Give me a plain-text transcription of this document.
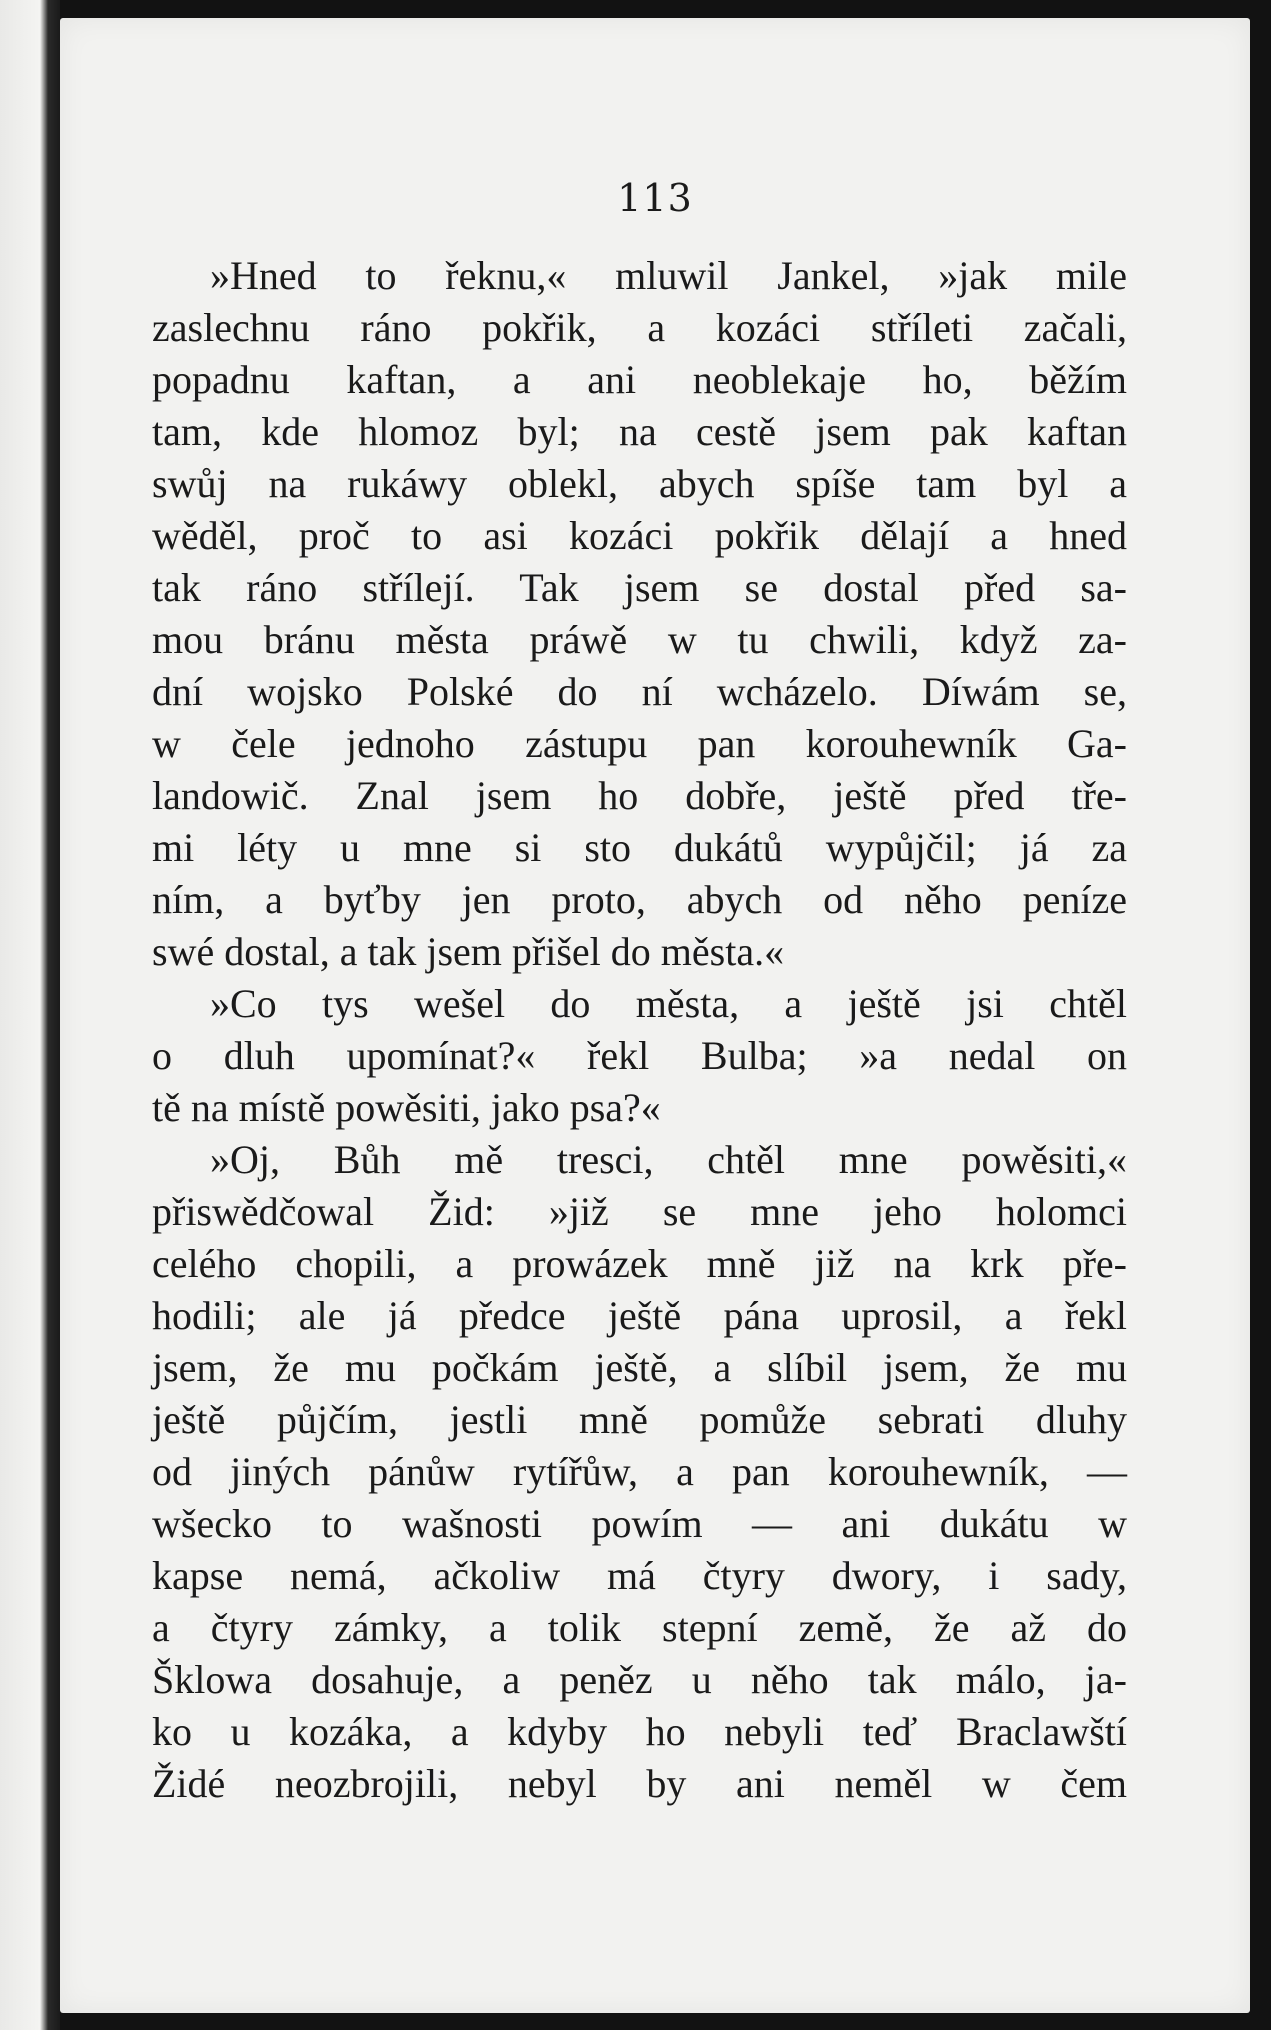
113
»Hned to řeknu,« mluwil Jankel, »jak mile
zaslechnu ráno pokřik, a kozáci stříleti začali,
popadnu kaftan, a ani neoblekaje ho, běžím
tam, kde hlomoz byl; na cestě jsem pak kaftan
swůj na rukáwy oblekl, abych spíše tam byl a
wěděl, proč to asi kozáci pokřik dělají a hned
tak ráno střílejí. Tak jsem se dostal před sa-
mou bránu města práwě w tu chwili, když za-
dní wojsko Polské do ní wcházelo. Díwám se,
w čele jednoho zástupu pan korouhewník Ga-
landowič. Znal jsem ho dobře, ještě před tře-
mi léty u mne si sto dukátů wypůjčil; já za
ním, a byťby jen proto, abych od něho peníze
swé dostal, a tak jsem přišel do města.«
»Co tys wešel do města, a ještě jsi chtěl
o dluh upomínat?« řekl Bulba; »a nedal on
tě na místě powěsiti, jako psa?«
»Oj, Bůh mě tresci, chtěl mne powěsiti,«
přiswědčowal Žid: »již se mne jeho holomci
celého chopili, a prowázek mně již na krk pře-
hodili; ale já předce ještě pána uprosil, a řekl
jsem, že mu počkám ještě, a slíbil jsem, že mu
ještě půjčím, jestli mně pomůže sebrati dluhy
od jiných pánůw rytířůw, a pan korouhewník, —
wšecko to wašnosti powím — ani dukátu w
kapse nemá, ačkoliw má čtyry dwory, i sady,
a čtyry zámky, a tolik stepní země, že až do
Šklowa dosahuje, a peněz u něho tak málo, ja-
ko u kozáka, a kdyby ho nebyli teď Braclawští
Židé neozbrojili, nebyl by ani neměl w čem
